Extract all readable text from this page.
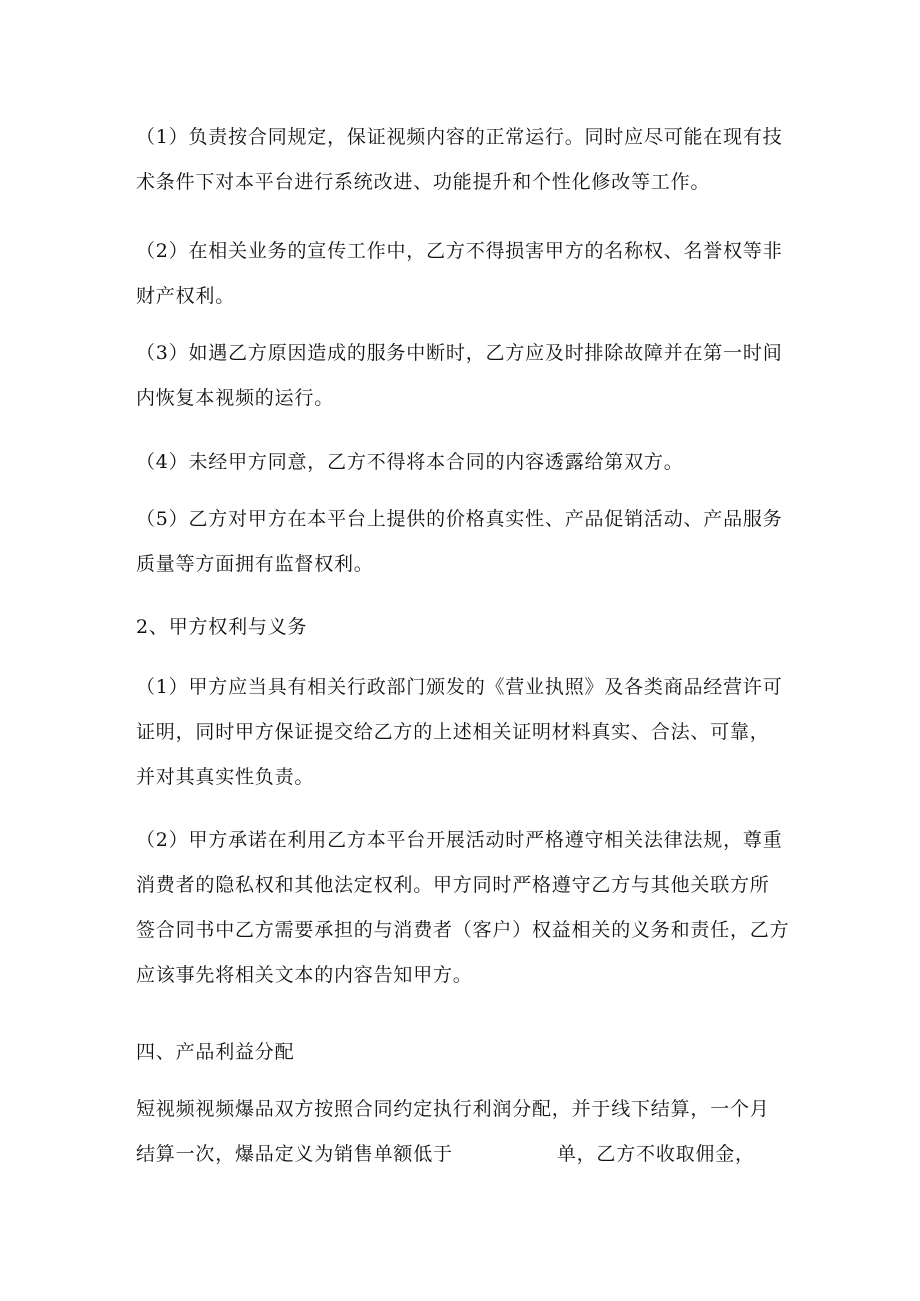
（1）负责按合同规定，保证视频内容的正常运行。同时应尽可能在现有技
术条件下对本平台进行系统改进、功能提升和个性化修改等工作。
（2）在相关业务的宣传工作中，乙方不得损害甲方的名称权、名誉权等非
财产权利。
（3）如遇乙方原因造成的服务中断时，乙方应及时排除故障并在第一时间
内恢复本视频的运行。
（4）未经甲方同意，乙方不得将本合同的内容透露给第双方。
（5）乙方对甲方在本平台上提供的价格真实性、产品促销活动、产品服务
质量等方面拥有监督权利。
2、甲方权利与义务
（1）甲方应当具有相关行政部门颁发的《营业执照》及各类商品经营许可
证明，同时甲方保证提交给乙方的上述相关证明材料真实、合法、可靠，
并对其真实性负责。
（2）甲方承诺在利用乙方本平台开展活动时严格遵守相关法律法规，尊重
消费者的隐私权和其他法定权利。甲方同时严格遵守乙方与其他关联方所
签合同书中乙方需要承担的与消费者（客户）权益相关的义务和责任，乙方
应该事先将相关文本的内容告知甲方。
四、产品利益分配
短视频视频爆品双方按照合同约定执行利润分配，并于线下结算，一个月
结算一次，爆品定义为销售单额低于	单，乙方不收取佣金，
